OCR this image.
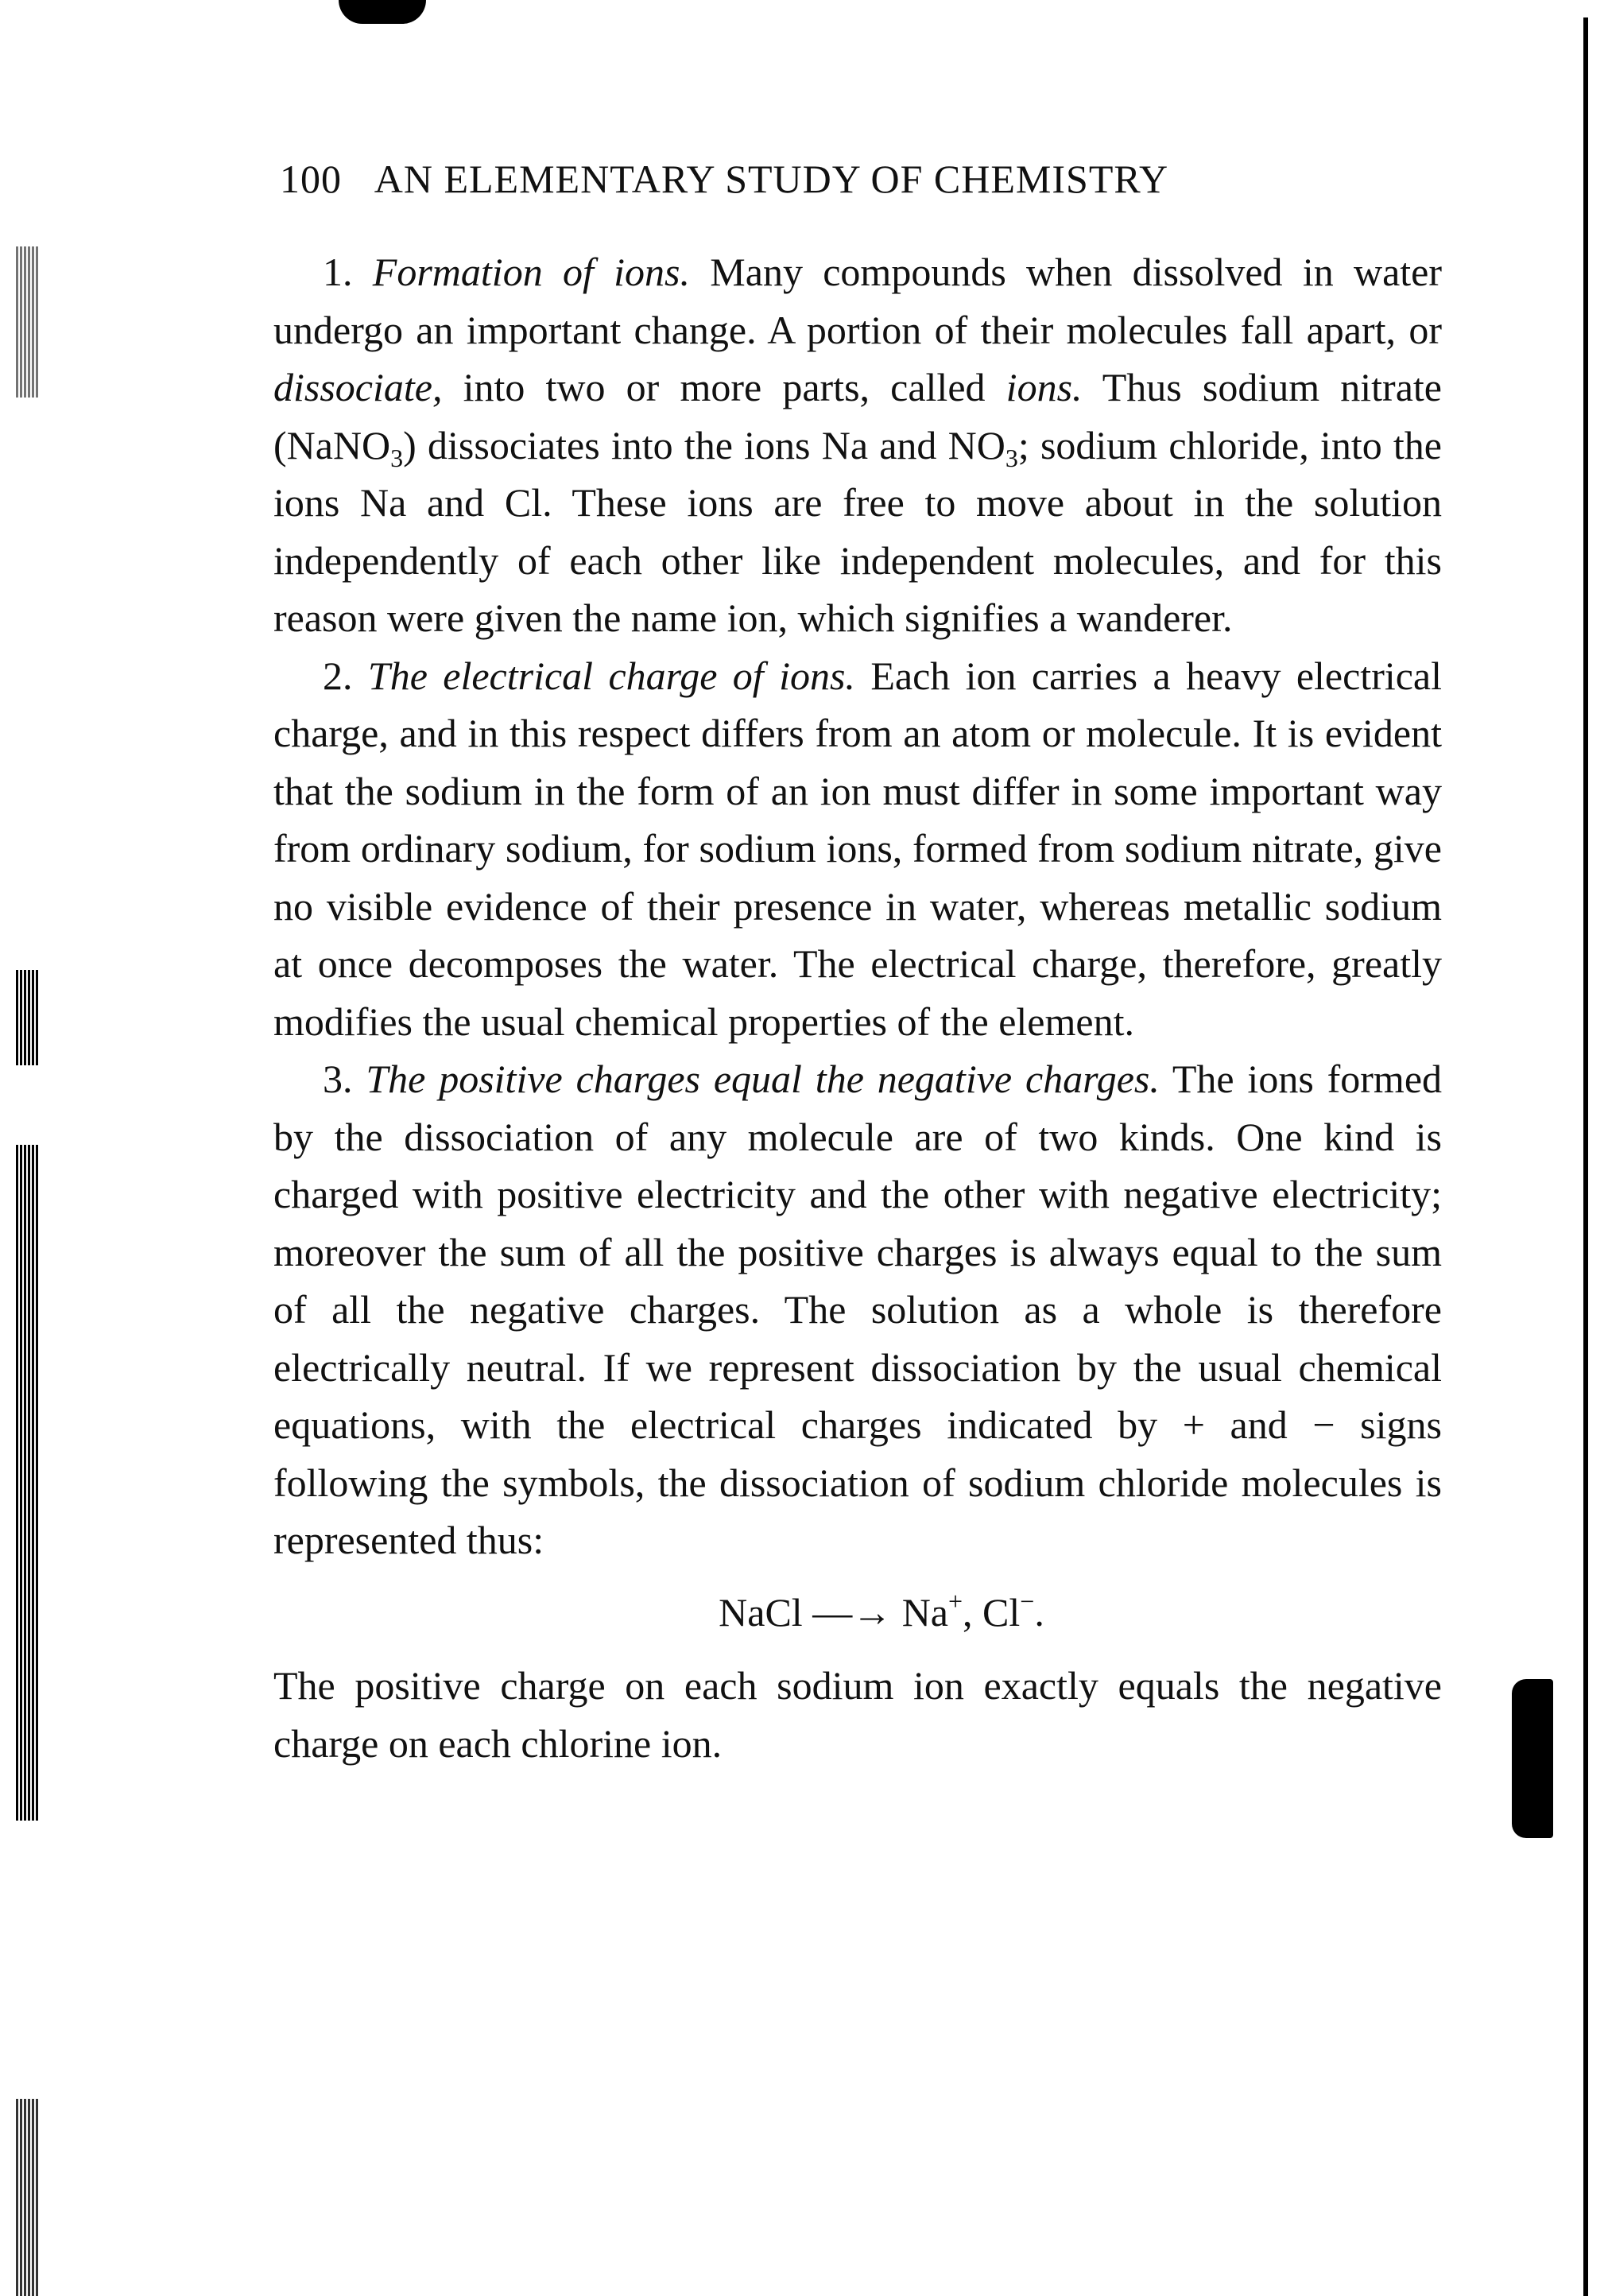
100 AN ELEMENTARY STUDY OF CHEMISTRY

1. Formation of ions. Many compounds when dissolved in water undergo an important change. A portion of their molecules fall apart, or dissociate, into two or more parts, called ions. Thus sodium nitrate (NaNO$_3$) dissociates into the ions Na and $NO_3$; sodium chloride, into the ions Na and Cl. These ions are free to move about in the solution independently of each other like independent molecules, and for this reason were given the name ion, which signifies a wanderer.

2. The electrical charge of ions. Each ion carries a heavy electrical charge, and in this respect differs from an atom or molecule. It is evident that the sodium in the form of an ion must differ in some important way from ordinary sodium, for sodium ions, formed from sodium nitrate, give no visible evidence of their presence in water, whereas metallic sodium at once decomposes the water. The electrical charge, therefore, greatly modifies the usual chemical properties of the element.

3. The positive charges equal the negative charges. The ions formed by the dissociation of any molecule are of two kinds. One kind is charged with positive electricity and the other with negative electricity; moreover the sum of all the positive charges is always equal to the sum of all the negative charges. The solution as a whole is therefore electrically neutral. If we represent dissociation by the usual chemical equations, with the electrical charges indicated by + and − signs following the symbols, the dissociation of sodium chloride molecules is represented thus:

NaCl —→ Na+, Cl−.

The positive charge on each sodium ion exactly equals the negative charge on each chlorine ion.
